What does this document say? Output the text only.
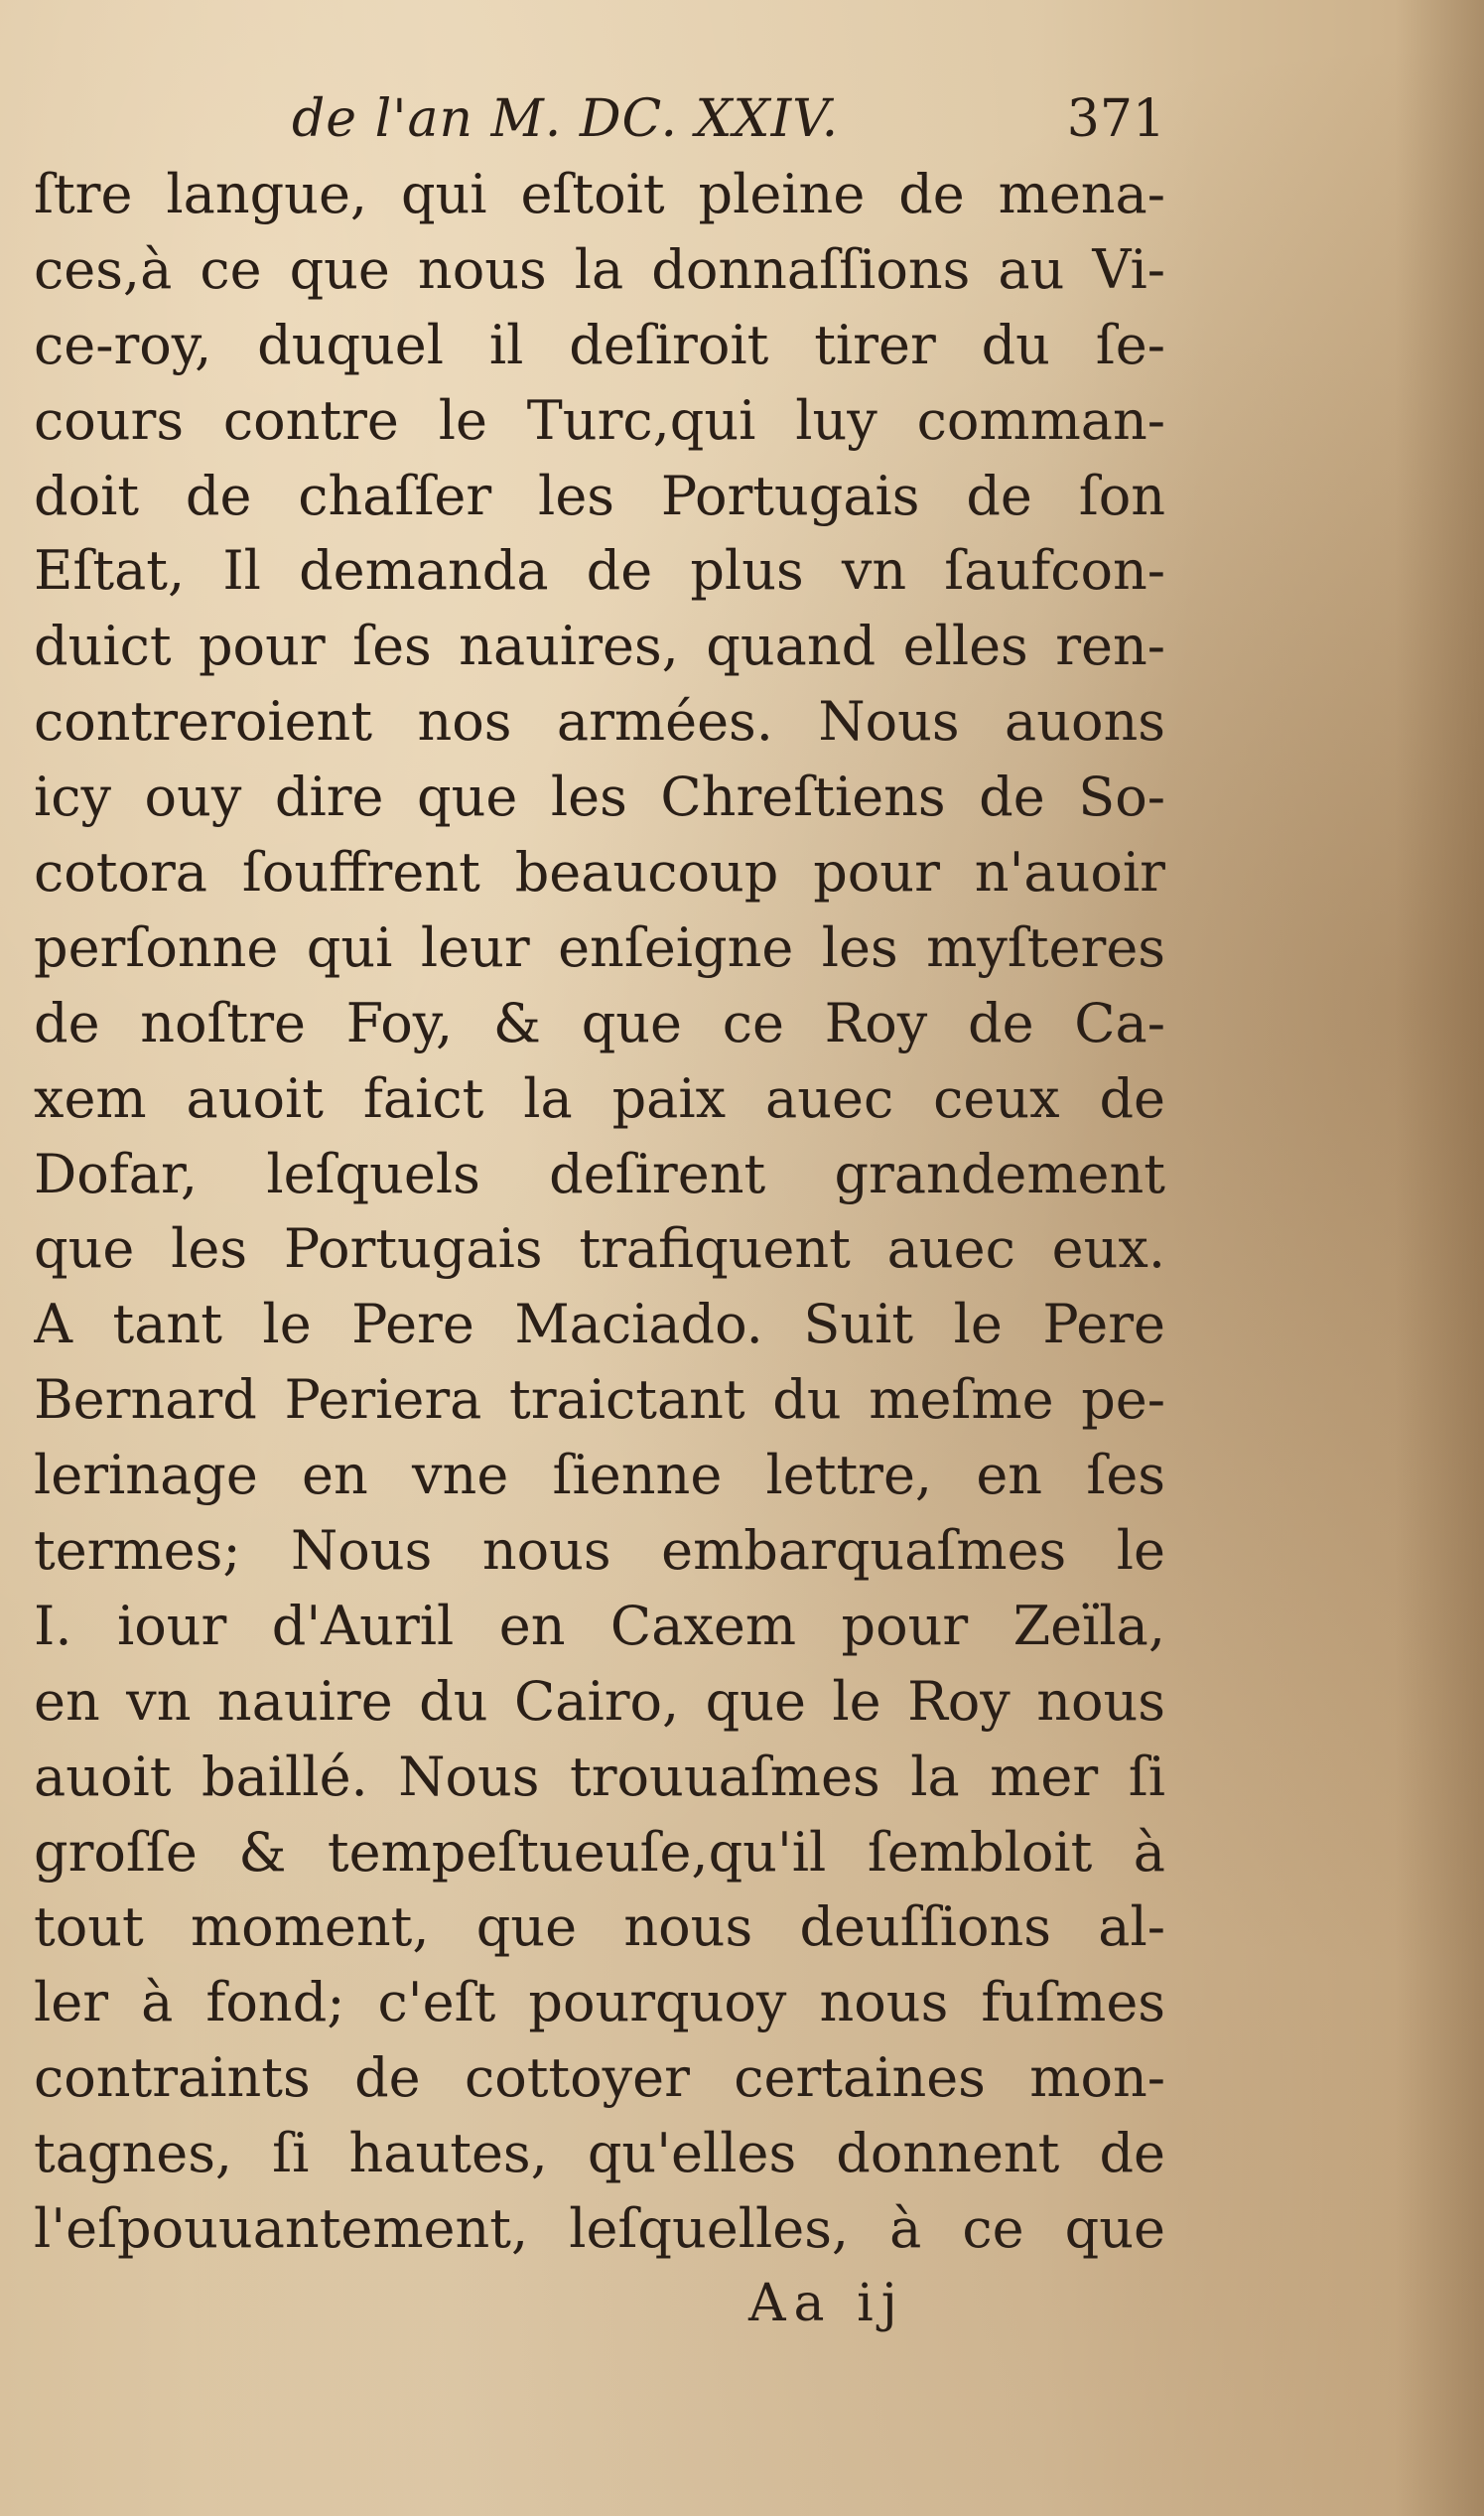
de l'an M. DC. XXIV.	371
ſtre langue, qui eſtoit pleine de mena-
ces,à ce que nous la donnaſſions au Vi-
ce-roy, duquel il deſiroit tirer du ſe-
cours contre le Turc,qui luy comman-
doit de chaſſer les Portugais de ſon
Eſtat, Il demanda de plus vn ſaufcon-
duict pour ſes nauires, quand elles ren-
contreroient nos armées. Nous auons
icy ouy dire que les Chreſtiens de So-
cotora ſouffrent beaucoup pour n'auoir
perſonne qui leur enſeigne les myſteres
de noſtre Foy, & que ce Roy de Ca-
xem auoit faict la paix auec ceux de
Dofar, leſquels deſirent grandement
que les Portugais trafiquent auec eux.
A tant le Pere Maciado. Suit le Pere
Bernard Periera traictant du meſme pe-
lerinage en vne ſienne lettre, en ſes
termes; Nous nous embarquaſmes le
I. iour d'Auril en Caxem pour Zeïla,
en vn nauire du Cairo, que le Roy nous
auoit baillé. Nous trouuaſmes la mer ſi
groſſe & tempeſtueuſe,qu'il ſembloit à
tout moment, que nous deuſſions al-
ler à fond; c'eſt pourquoy nous fuſmes
contraints de cottoyer certaines mon-
tagnes, ſi hautes, qu'elles donnent de
l'eſpouuantement, leſquelles, à ce que
Aa ij
